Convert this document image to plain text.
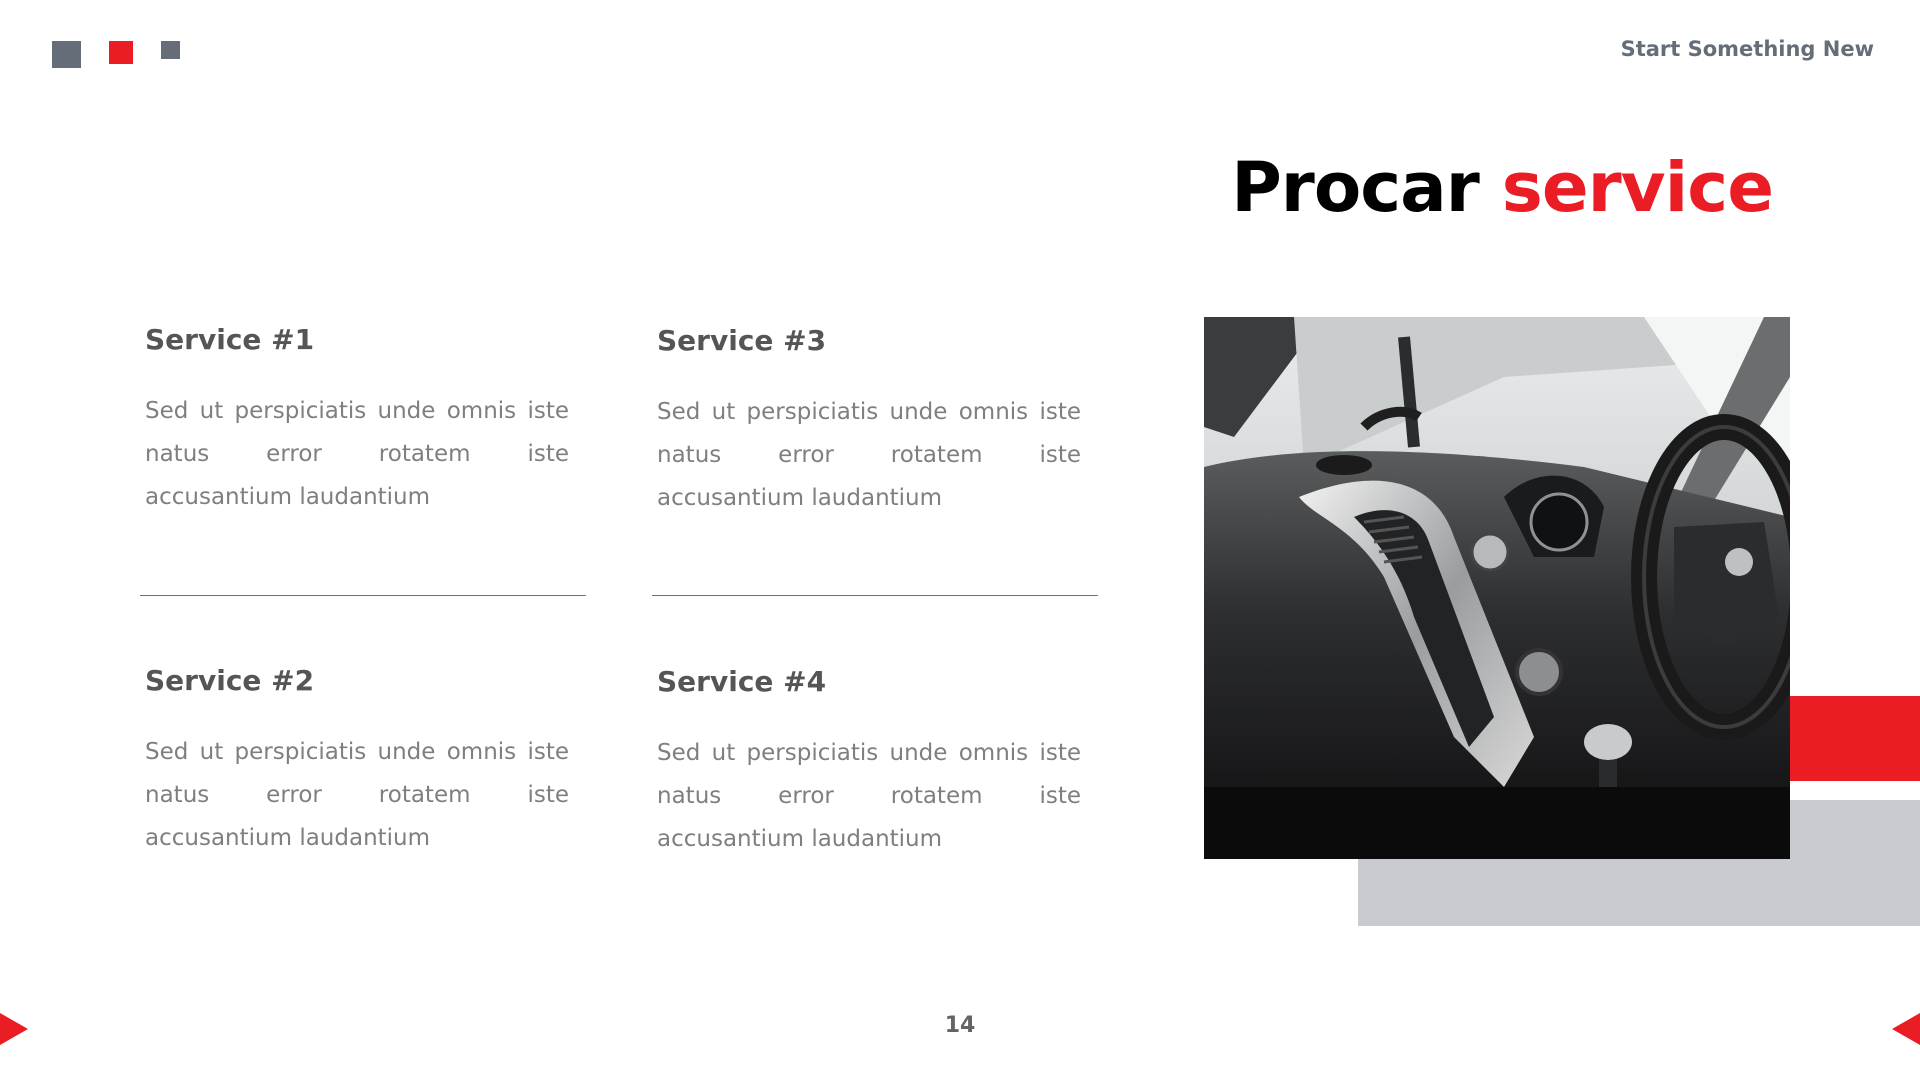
Start Something New
Procar service
Service #1

Sed ut perspiciatis unde omnis iste natus error rotatem iste accusantium laudantium

Service #3

Sed ut perspiciatis unde omnis iste natus error rotatem iste accusantium laudantium

Service #2

Sed ut perspiciatis unde omnis iste natus error rotatem iste accusantium laudantium

Service #4

Sed ut perspiciatis unde omnis iste natus error rotatem iste accusantium laudantium

14
